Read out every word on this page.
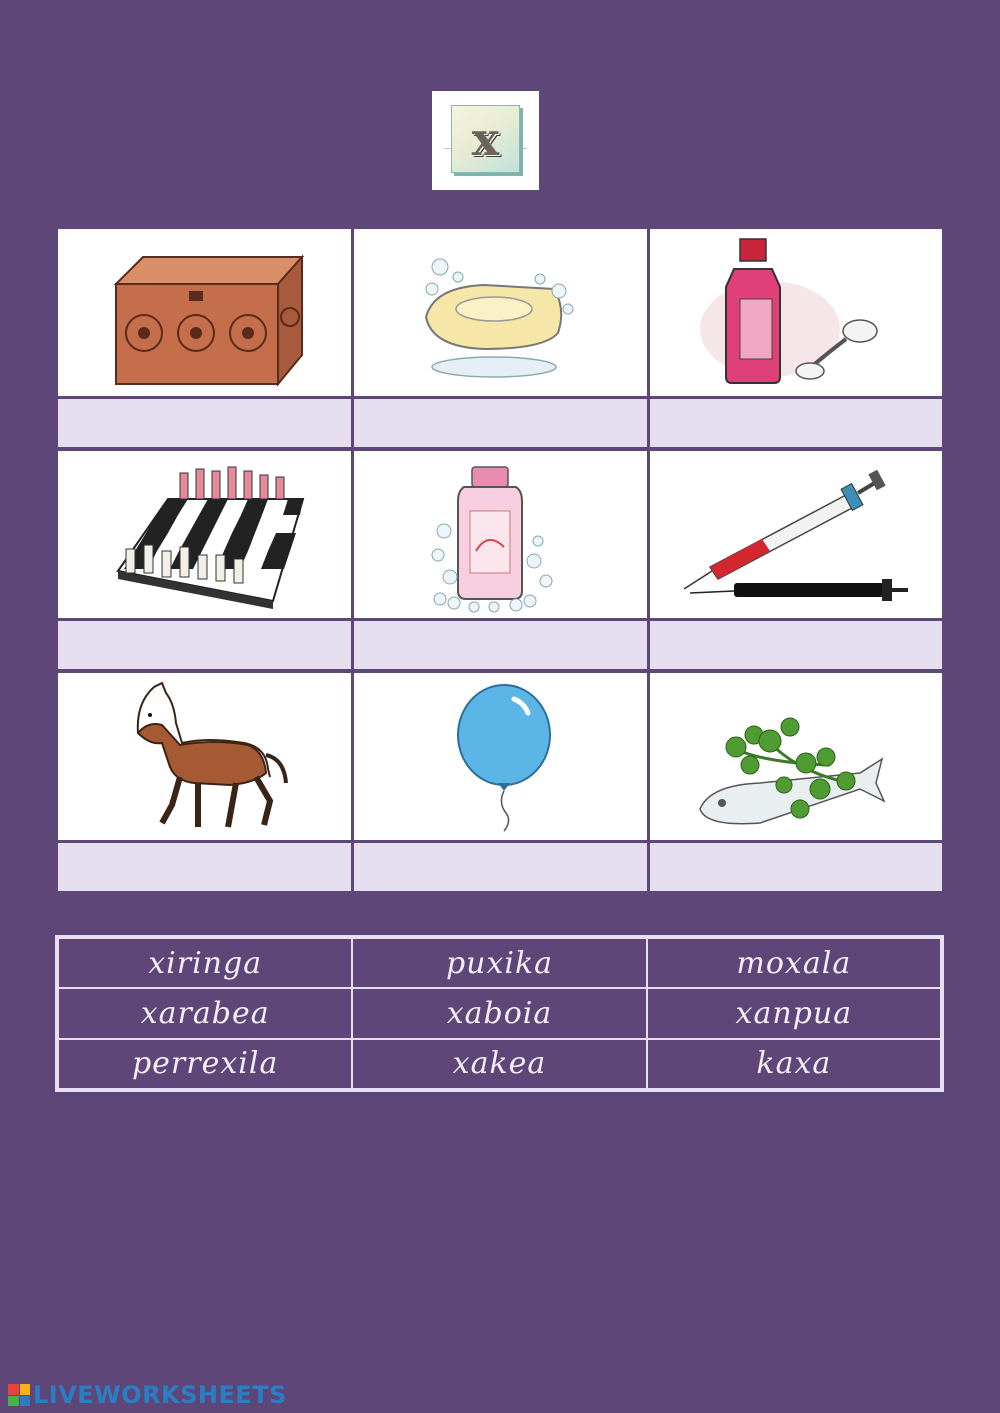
x
xiringa	puxika	moxala
xarabea	xaboia	xanpua
perrexila	xakea	kaxa
LIVEWORKSHEETS
